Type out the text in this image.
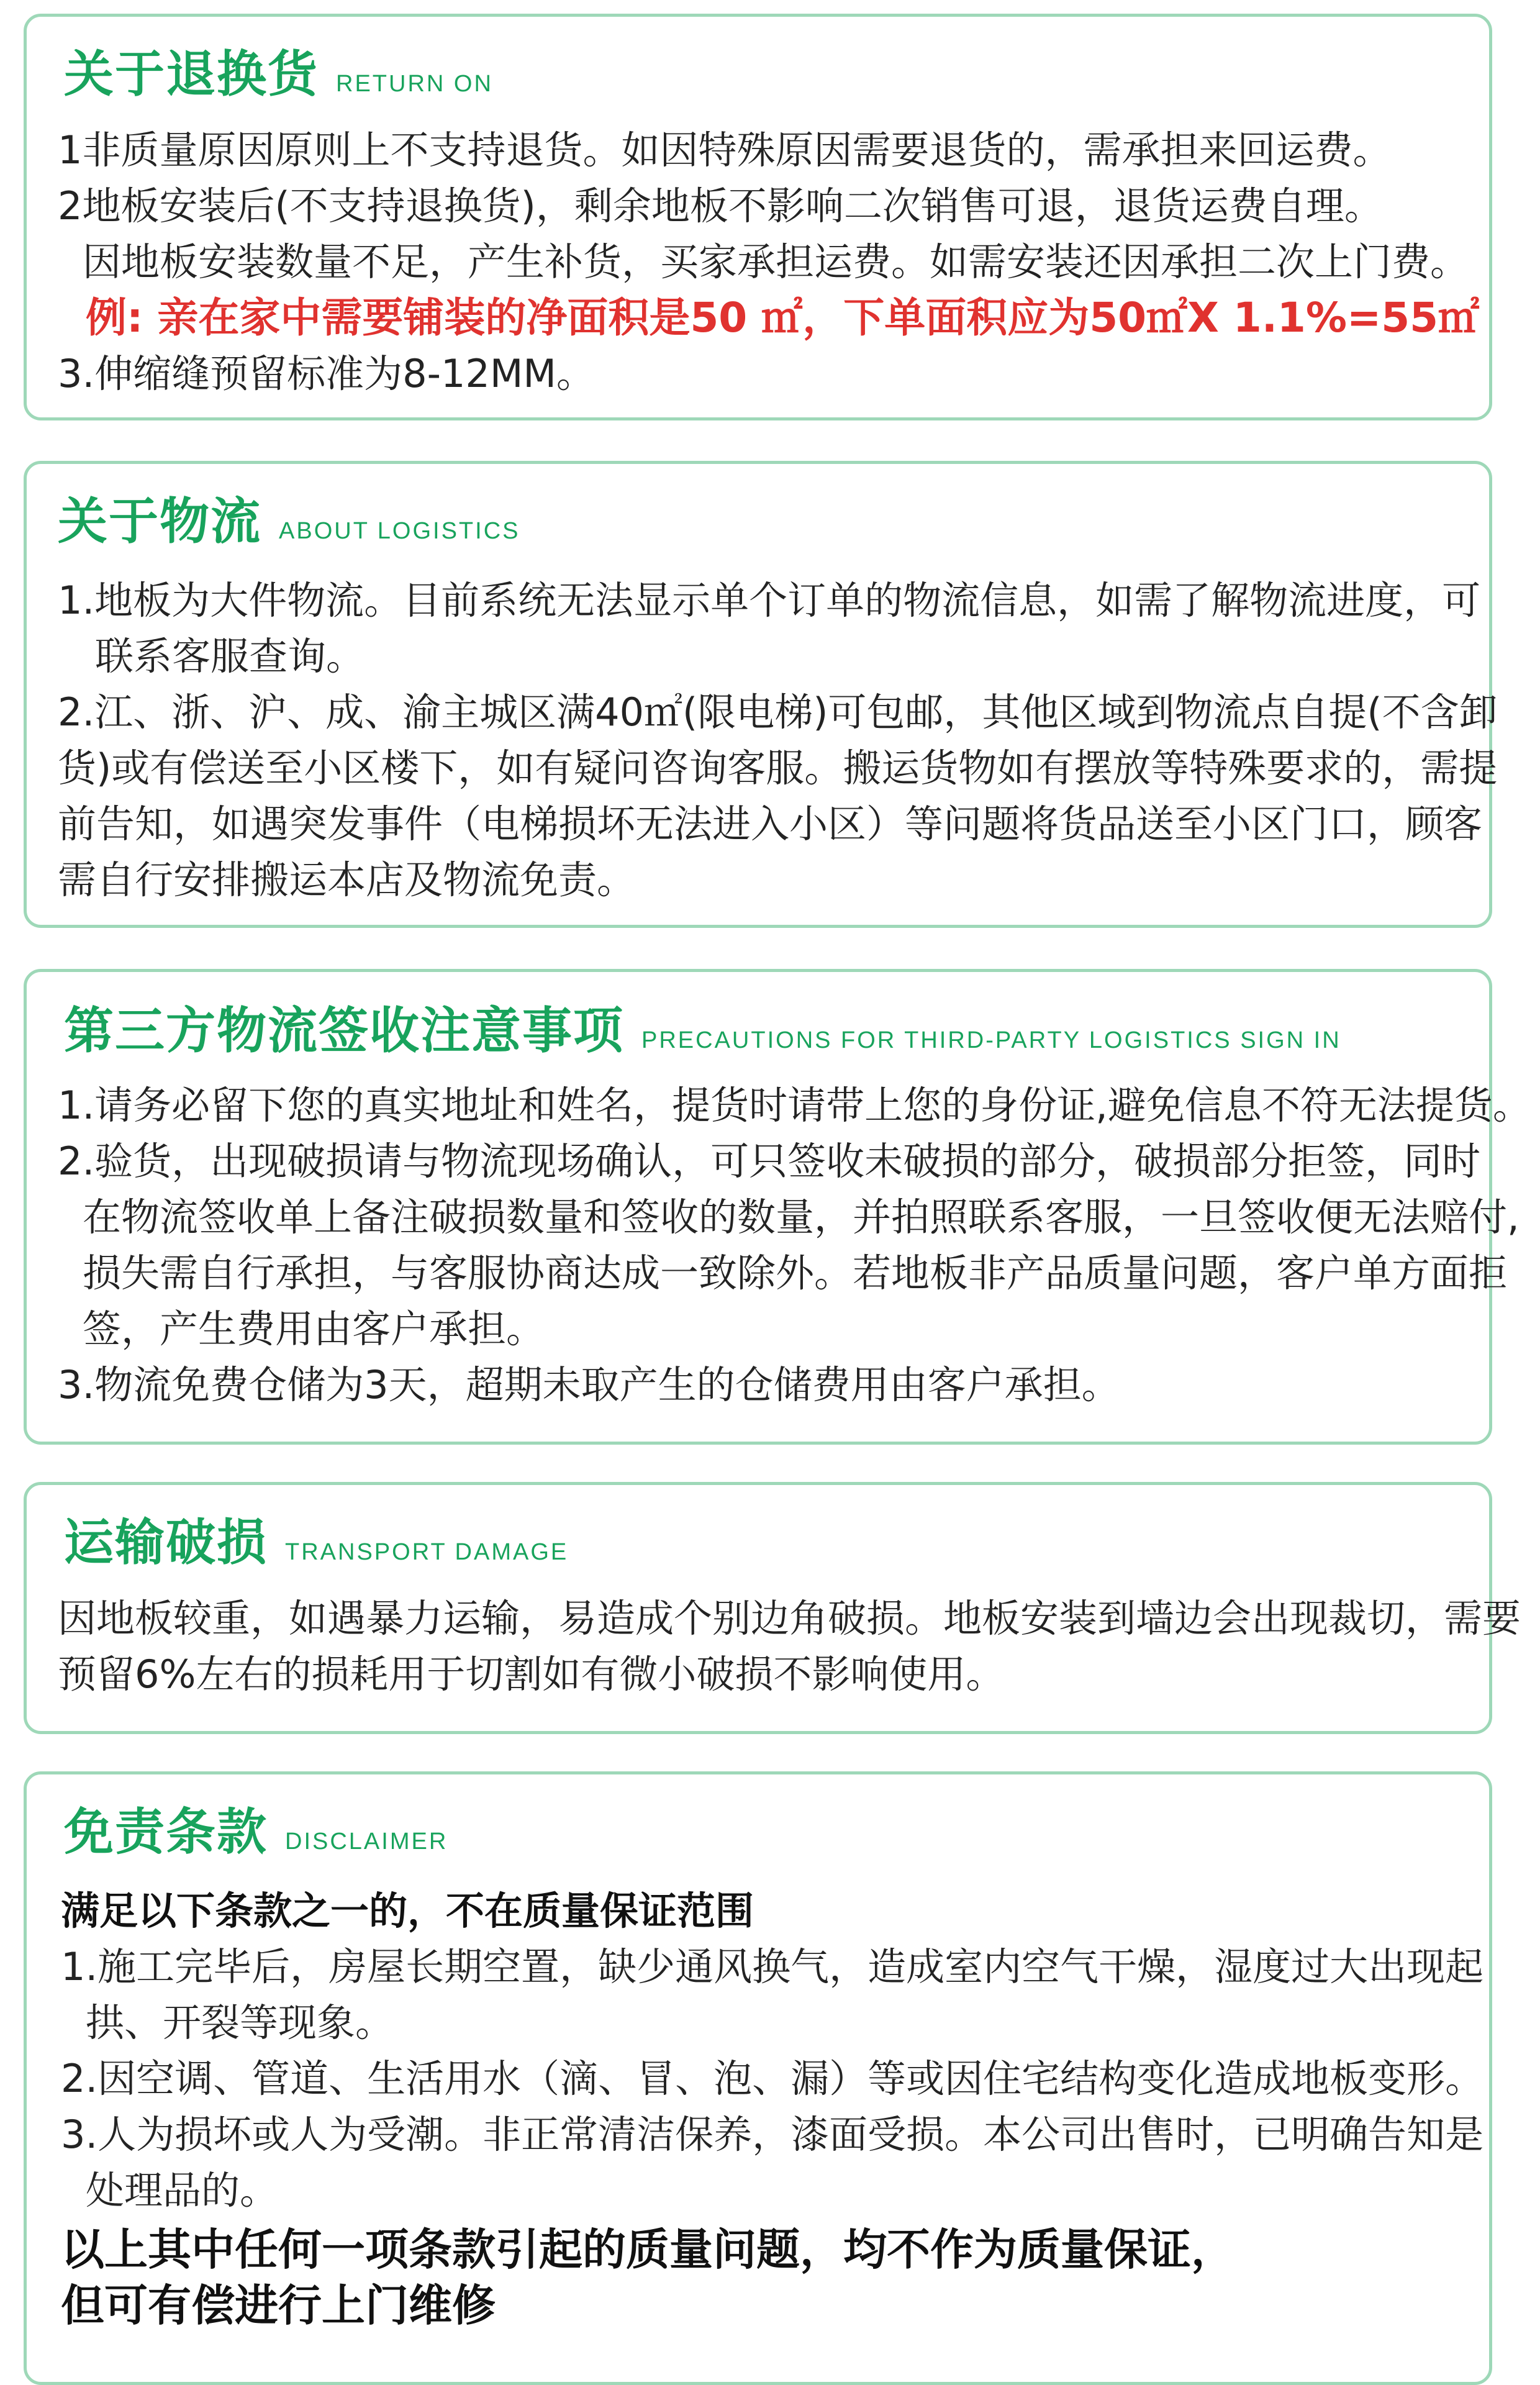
关于退换货 RETURN ON
1非质量原因原则上不支持退货。如因特殊原因需要退货的，需承担来回运费。
2地板安装后(不支持退换货)，剩余地板不影响二次销售可退，退货运费自理。
因地板安装数量不足，产生补货，买家承担运费。如需安装还因承担二次上门费。
例: 亲在家中需要铺装的净面积是50 ㎡，下单面积应为50㎡X 1.1%=55㎡
3.伸缩缝预留标准为8-12MM。
关于物流 ABOUT LOGISTICS
1.地板为大件物流。目前系统无法显示单个订单的物流信息，如需了解物流进度，可
联系客服查询。
2.江、浙、沪、成、渝主城区满40㎡(限电梯)可包邮，其他区域到物流点自提(不含卸
货)或有偿送至小区楼下，如有疑问咨询客服。搬运货物如有摆放等特殊要求的，需提
前告知，如遇突发事件（电梯损坏无法进入小区）等问题将货品送至小区门口，顾客
需自行安排搬运本店及物流免责。
第三方物流签收注意事项 PRECAUTIONS FOR THIRD-PARTY LOGISTICS SIGN IN
1.请务必留下您的真实地址和姓名，提货时请带上您的身份证,避免信息不符无法提货。
2.验货，出现破损请与物流现场确认，可只签收未破损的部分，破损部分拒签，同时
在物流签收单上备注破损数量和签收的数量，并拍照联系客服，一旦签收便无法赔付,
损失需自行承担，与客服协商达成一致除外。若地板非产品质量问题，客户单方面拒
签，产生费用由客户承担。
3.物流免费仓储为3天，超期未取产生的仓储费用由客户承担。
运输破损 TRANSPORT DAMAGE
因地板较重，如遇暴力运输，易造成个别边角破损。地板安装到墙边会出现裁切，需要
预留6%左右的损耗用于切割如有微小破损不影响使用。
免责条款 DISCLAIMER
满足以下条款之一的，不在质量保证范围
1.施工完毕后，房屋长期空置，缺少通风换气，造成室内空气干燥，湿度过大出现起
拱、开裂等现象。
2.因空调、管道、生活用水（滴、冒、泡、漏）等或因住宅结构变化造成地板变形。
3.人为损坏或人为受潮。非正常清洁保养，漆面受损。本公司出售时，已明确告知是
处理品的。
以上其中任何一项条款引起的质量问题，均不作为质量保证，
但可有偿进行上门维修
